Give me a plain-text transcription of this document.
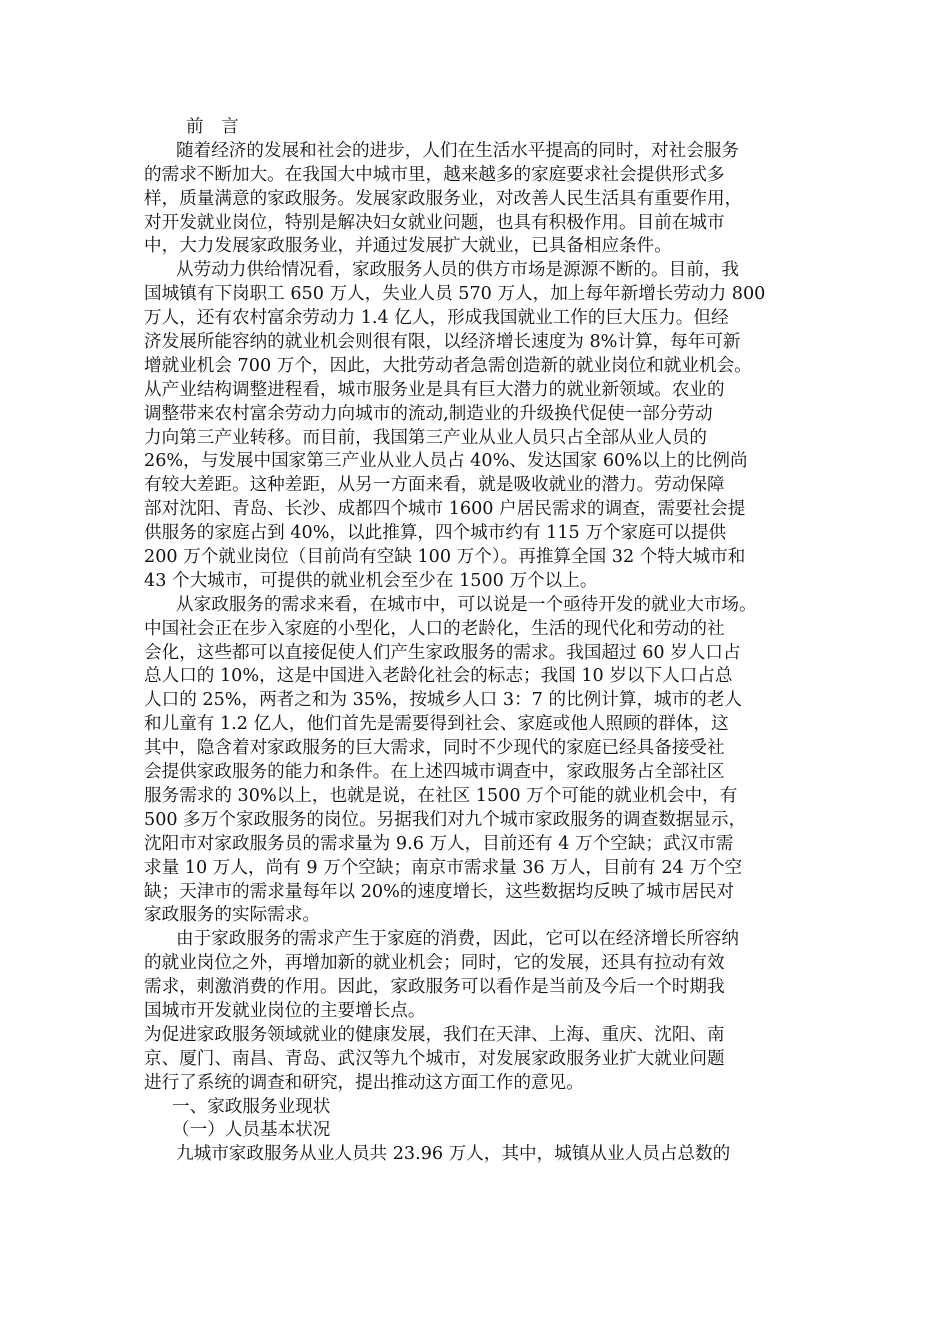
前 言
随着经济的发展和社会的进步，人们在生活水平提高的同时，对社会服务
的需求不断加大。在我国大中城市里，越来越多的家庭要求社会提供形式多
样，质量满意的家政服务。发展家政服务业，对改善人民生活具有重要作用，
对开发就业岗位，特别是解决妇女就业问题，也具有积极作用。目前在城市
中，大力发展家政服务业，并通过发展扩大就业，已具备相应条件。
从劳动力供给情况看，家政服务人员的供方市场是源源不断的。目前，我
国城镇有下岗职工 650 万人，失业人员 570 万人，加上每年新增长劳动力 800
万人，还有农村富余劳动力 1.4 亿人，形成我国就业工作的巨大压力。但经
济发展所能容纳的就业机会则很有限，以经济增长速度为 8%计算，每年可新
增就业机会 700 万个，因此，大批劳动者急需创造新的就业岗位和就业机会。
从产业结构调整进程看，城市服务业是具有巨大潜力的就业新领域。农业的
调整带来农村富余劳动力向城市的流动,制造业的升级换代促使一部分劳动
力向第三产业转移。而目前，我国第三产业从业人员只占全部从业人员的
26%，与发展中国家第三产业从业人员占 40%、发达国家 60%以上的比例尚
有较大差距。这种差距，从另一方面来看，就是吸收就业的潜力。劳动保障
部对沈阳、青岛、长沙、成都四个城市 1600 户居民需求的调查，需要社会提
供服务的家庭占到 40%，以此推算，四个城市约有 115 万个家庭可以提供
200 万个就业岗位（目前尚有空缺 100 万个）。再推算全国 32 个特大城市和
43 个大城市，可提供的就业机会至少在 1500 万个以上。
从家政服务的需求来看，在城市中，可以说是一个亟待开发的就业大市场。
中国社会正在步入家庭的小型化，人口的老龄化，生活的现代化和劳动的社
会化，这些都可以直接促使人们产生家政服务的需求。我国超过 60 岁人口占
总人口的 10%，这是中国进入老龄化社会的标志；我国 10 岁以下人口占总
人口的 25%，两者之和为 35%，按城乡人口 3：7 的比例计算，城市的老人
和儿童有 1.2 亿人，他们首先是需要得到社会、家庭或他人照顾的群体，这
其中，隐含着对家政服务的巨大需求，同时不少现代的家庭已经具备接受社
会提供家政服务的能力和条件。在上述四城市调查中，家政服务占全部社区
服务需求的 30%以上，也就是说，在社区 1500 万个可能的就业机会中，有
500 多万个家政服务的岗位。另据我们对九个城市家政服务的调查数据显示，
沈阳市对家政服务员的需求量为 9.6 万人，目前还有 4 万个空缺；武汉市需
求量 10 万人，尚有 9 万个空缺；南京市需求量 36 万人，目前有 24 万个空
缺；天津市的需求量每年以 20%的速度增长，这些数据均反映了城市居民对
家政服务的实际需求。
由于家政服务的需求产生于家庭的消费，因此，它可以在经济增长所容纳
的就业岗位之外，再增加新的就业机会；同时，它的发展，还具有拉动有效
需求，刺激消费的作用。因此，家政服务可以看作是当前及今后一个时期我
国城市开发就业岗位的主要增长点。
为促进家政服务领域就业的健康发展，我们在天津、上海、重庆、沈阳、南
京、厦门、南昌、青岛、武汉等九个城市，对发展家政服务业扩大就业问题
进行了系统的调查和研究，提出推动这方面工作的意见。
一、家政服务业现状
（一）人员基本状况
九城市家政服务从业人员共 23.96 万人，其中，城镇从业人员占总数的
